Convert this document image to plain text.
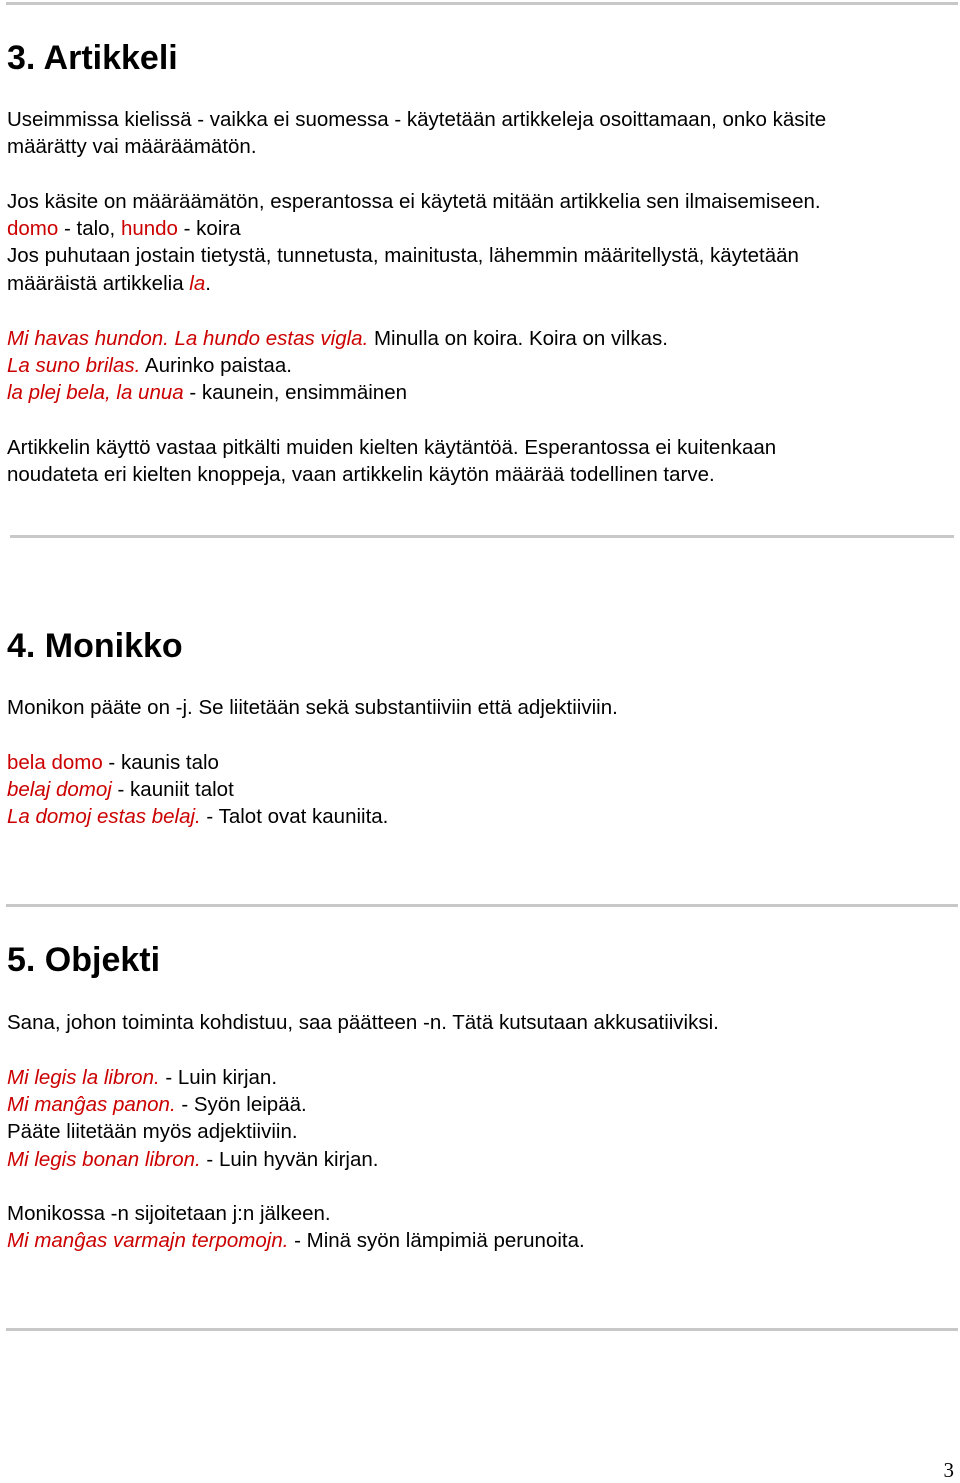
3. Artikkeli

Useimmissa kielissä - vaikka ei suomessa - käytetään artikkeleja osoittamaan, onko käsite

määrätty vai määräämätön.

Jos käsite on määräämätön, esperantossa ei käytetä mitään artikkelia sen ilmaisemiseen.

domo - talo, hundo - koira

Jos puhutaan jostain tietystä, tunnetusta, mainitusta, lähemmin määritellystä, käytetään

määräistä artikkelia la.

Mi havas hundon. La hundo estas vigla. Minulla on koira. Koira on vilkas.

La suno brilas. Aurinko paistaa.

la plej bela, la unua - kaunein, ensimmäinen

Artikkelin käyttö vastaa pitkälti muiden kielten käytäntöä. Esperantossa ei kuitenkaan

noudateta eri kielten knoppeja, vaan artikkelin käytön määrää todellinen tarve.

4. Monikko

Monikon pääte on -j. Se liitetään sekä substantiiviin että adjektiiviin.

bela domo - kaunis talo

belaj domoj - kauniit talot

La domoj estas belaj. - Talot ovat kauniita.

5. Objekti

Sana, johon toiminta kohdistuu, saa päätteen -n. Tätä kutsutaan akkusatiiviksi.

Mi legis la libron. - Luin kirjan.

Mi manĝas panon. - Syön leipää.

Pääte liitetään myös adjektiiviin.

Mi legis bonan libron. - Luin hyvän kirjan.

Monikossa -n sijoitetaan j:n jälkeen.

Mi manĝas varmajn terpomojn. - Minä syön lämpimiä perunoita.

3
